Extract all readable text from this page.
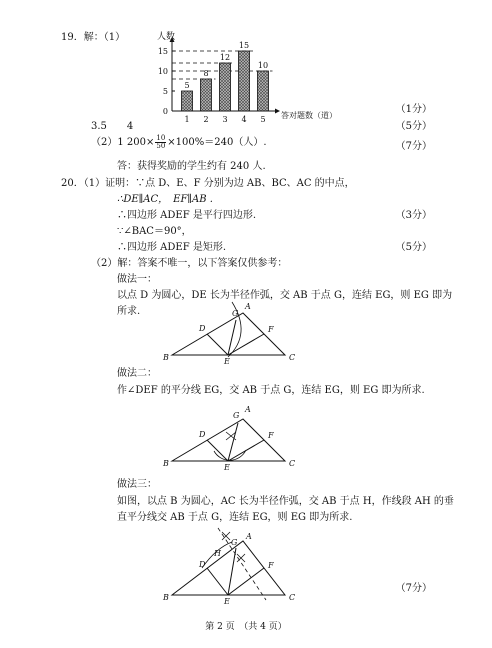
19．解：（1）
0
5
10
15
5
1
8
2
12
3
15
4
10
5
人数
答对题数（道）
（1分）
3.5　　4	（5分）
（2）1 $200\times \frac{10}{50} \times 100\%=240$（人）.	（7分）
答：获得奖励的学生约有 240 人.
20．（1）证明：∵点 D、E、F 分别为边 AB、BC、AC 的中点，
∴DE∥AC，　EF∥AB .
∴四边形 ADEF 是平行四边形.	（3分）
∵∠BAC＝90°，
∴四边形 ADEF 是矩形.	（5分）
（2）解：答案不唯一，以下答案仅供参考：
做法一：
以点 D 为圆心，DE 长为半径作弧，交 AB 于点 G，连结 EG，则 EG 即为
所求.
做法二：
作∠DEF 的平分线 EG，交 AB 于点 G，连结 EG，则 EG 即为所求.
做法三：
如图，以点 B 为圆心，AC 长为半径作弧，交 AB 于点 H，作线段 AH 的垂
直平分线交 AB 于点 G，连结 EG，则 EG 即为所求.
（7分）
B
A
C
D
E
F
G
B
A
C
D
E
F
G
B
A
C
D
E
F
G
H
第 2 页　（共 4 页）
